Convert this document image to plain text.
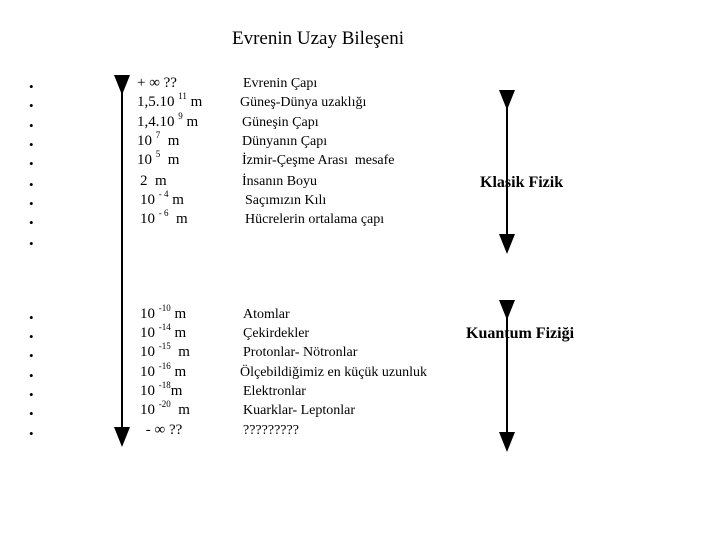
Evrenin Uzay Bileşeni
Klasik Fizik
Kuantum Fiziği
•	+ ∞ ??	Evrenin Çapı
•	1,5.10 $^{11}$ m	Güneş-Dünya uzaklığı
•	1,4.10 $^9$ m	Güneşin Çapı
•	10 $^7$  m	Dünyanın Çapı
•	10 $^5$  m	İzmir-Çeşme Arası  mesafe
•	2  m	İnsanın Boyu
•	10 $^{- 4}$ m	Saçımızın Kılı
•	10 $^{- 6}$  m	Hücrelerin ortalama çapı
•
•	10 $^{-10}$ m	Atomlar
•	10 $^{-14}$ m	Çekirdekler
•	10 $^{-15}$  m	Protonlar- Nötronlar
•	10 $^{-16}$ m	Ölçebildiğimiz en küçük uzunluk
•	10 $^{-18}$m	Elektronlar
•	10 $^{-20}$  m	Kuarklar- Leptonlar
•	- ∞ ??	?????????
